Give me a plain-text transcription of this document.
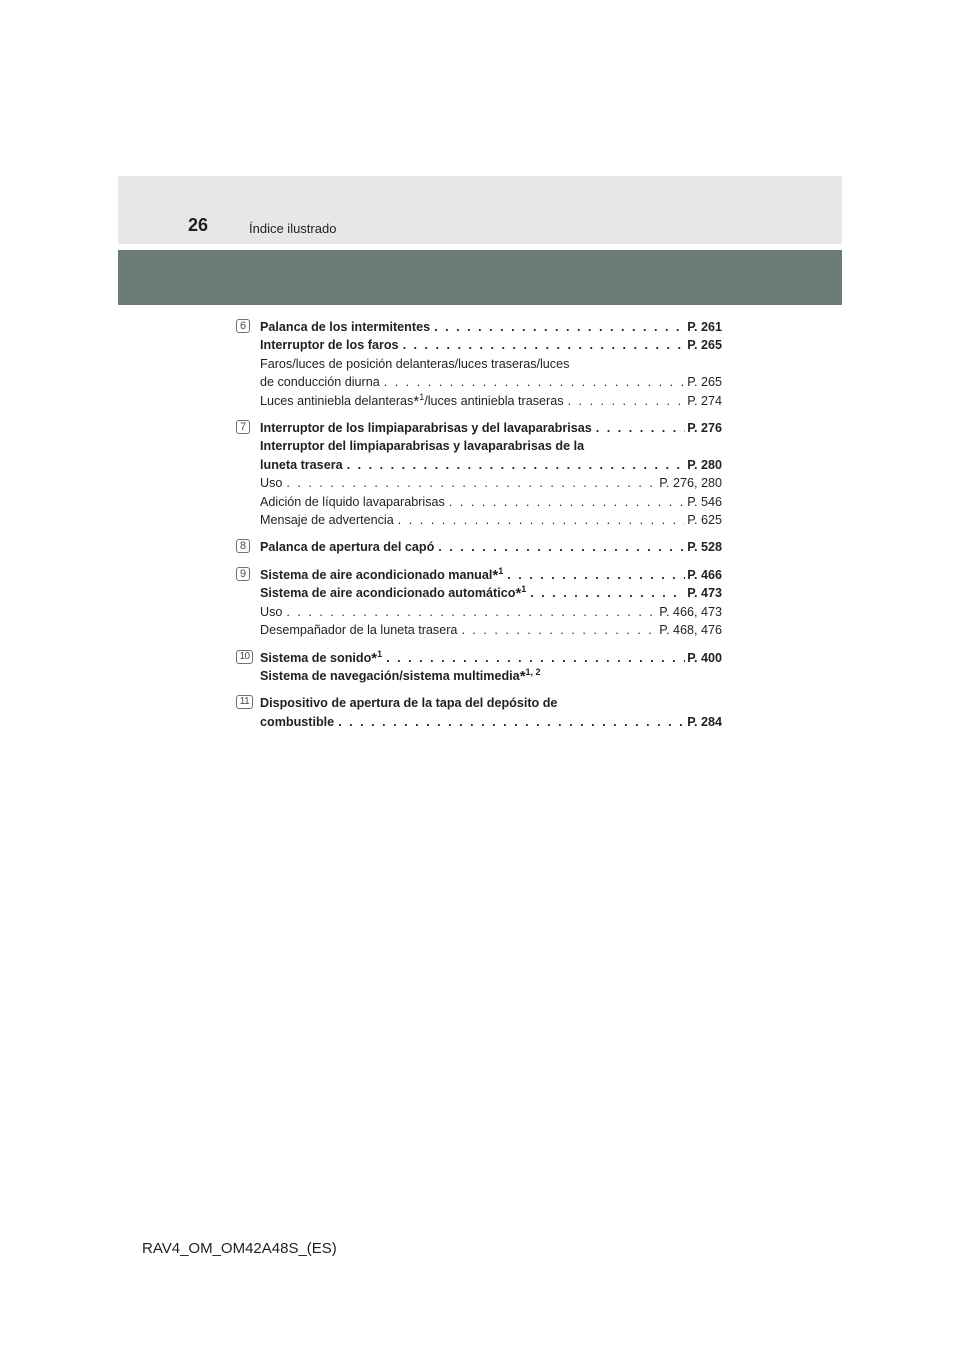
26	Índice ilustrado
6	Palanca de los intermitentes . . .	P. 261
Interruptor de los faros . . .	P. 265
Faros/luces de posición delanteras/luces traseras/luces
de conducción diurna . . .	P. 265
Luces antiniebla delanteras*$^1$/luces antiniebla traseras . . .	P. 274
7	Interruptor de los limpiaparabrisas y del lavaparabrisas . . .	P. 276
Interruptor del limpiaparabrisas y lavaparabrisas de la
luneta trasera . . .	P. 280
Uso . . .	P. 276, 280
Adición de líquido lavaparabrisas . . .	P. 546
Mensaje de advertencia . . .	P. 625
8	Palanca de apertura del capó . . .	P. 528
9	Sistema de aire acondicionado manual*$^1$ . . .	P. 466
Sistema de aire acondicionado automático*$^1$ . . .	P. 473
Uso . . .	P. 466, 473
Desempañador de la luneta trasera . . .	P. 468, 476
10 Sistema de sonido*$^1$ . . .	P. 400
Sistema de navegación/sistema multimedia*$^{1, 2}$
11 Dispositivo de apertura de la tapa del depósito de
combustible . . .	P. 284
RAV4_OM_OM42A48S_(ES)
